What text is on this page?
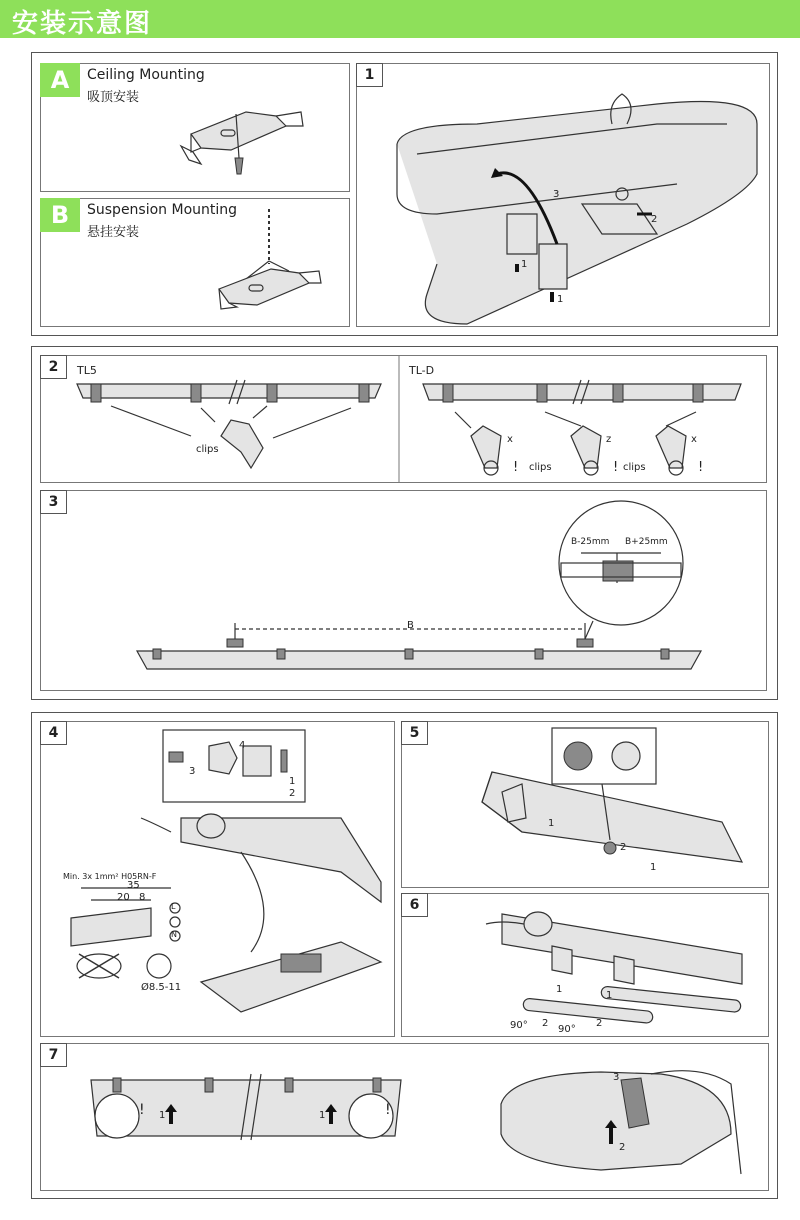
安装示意图
A	Ceiling Mounting
吸顶安装
B	Suspension Mounting
悬挂安装
1
1
1
2
3
2	TL5	TL-D
clips
clips	clips
x	z	x
!	!	!
3
B
B-25mm B+25mm
4
Min. 3x 1mm² H05RN-F
35
20 8
L
N
Ø8.5-11
1
2
3
4
5
1
2
1
6
1
1
2	2
90°	90°
7
1	1
2
3
!	!
